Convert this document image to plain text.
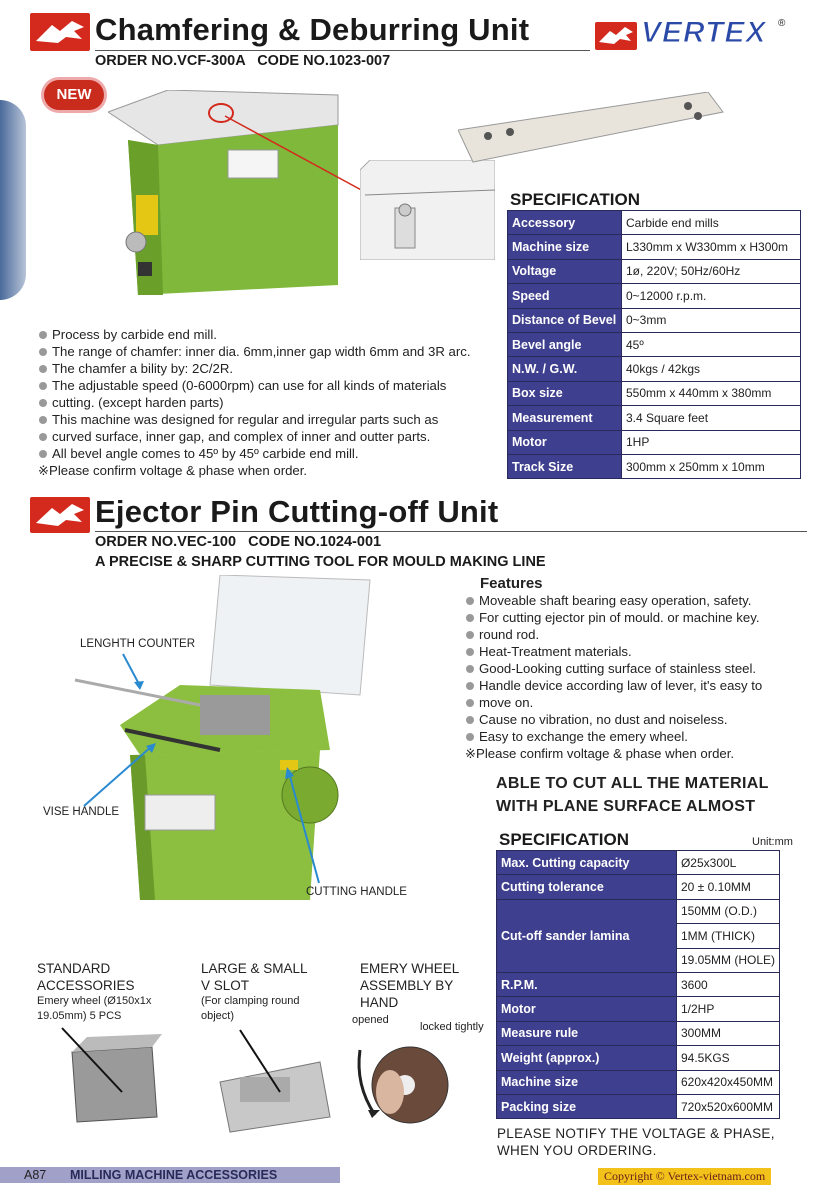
Chamfering & Deburring Unit
ORDER NO.VCF-300A   CODE NO.1023-007
VERTEX ®
NEW
SPECIFICATION
Accessory	Carbide end mills
Machine size	L330mm x W330mm x H300m
Voltage	1ø, 220V; 50Hz/60Hz
Speed	0~12000 r.p.m.
Distance of Bevel	0~3mm
Bevel angle	45º
N.W. / G.W.	40kgs / 42kgs
Box size	550mm x 440mm x 380mm
Measurement	3.4 Square feet
Motor	1HP
Track Size	300mm x 250mm x 10mm
Process by carbide end mill.
The range of chamfer: inner dia. 6mm,inner gap width 6mm and 3R arc.
The chamfer a bility by: 2C/2R.
The adjustable speed (0-6000rpm) can use for all kinds of materials
cutting. (except harden parts)
This machine was designed for regular and irregular parts such as
curved surface, inner gap, and complex of inner and outter parts.
All bevel angle comes to 45º by 45º carbide end mill.
※Please confirm voltage & phase when order.
Ejector Pin Cutting-off Unit
ORDER NO.VEC-100   CODE NO.1024-001
A PRECISE & SHARP CUTTING TOOL FOR MOULD MAKING LINE
LENGHTH COUNTER
VISE HANDLE
CUTTING HANDLE
Features
Moveable shaft bearing easy operation, safety.
For cutting ejector pin of mould. or machine key.
round rod.
Heat-Treatment materials.
Good-Looking cutting surface of stainless steel.
Handle device according law of lever, it's easy to
move on.
Cause no vibration, no dust and noiseless.
Easy to exchange the emery wheel.
※Please confirm voltage & phase when order.
ABLE TO CUT ALL THE MATERIAL
WITH PLANE SURFACE ALMOST
SPECIFICATION	Unit:mm
Max. Cutting capacity	Ø25x300L
Cutting tolerance	20 ± 0.10MM
Cut-off sander lamina	150MM (O.D.)
	1MM (THICK)
	19.05MM (HOLE)
R.P.M.	3600
Motor	1/2HP
Measure rule	300MM
Weight (approx.)	94.5KGS
Machine size	620x420x450MM
Packing size	720x520x600MM
PLEASE NOTIFY THE VOLTAGE & PHASE,
WHEN YOU ORDERING.
STANDARD
ACCESSORIES
Emery wheel (Ø150x1x
19.05mm) 5 PCS
LARGE & SMALL
V SLOT
(For clamping round
object)
EMERY WHEEL
ASSEMBLY BY
HAND
opened
locked tightly
A87 MILLING MACHINE ACCESSORIES	Copyright © Vertex-vietnam.com
